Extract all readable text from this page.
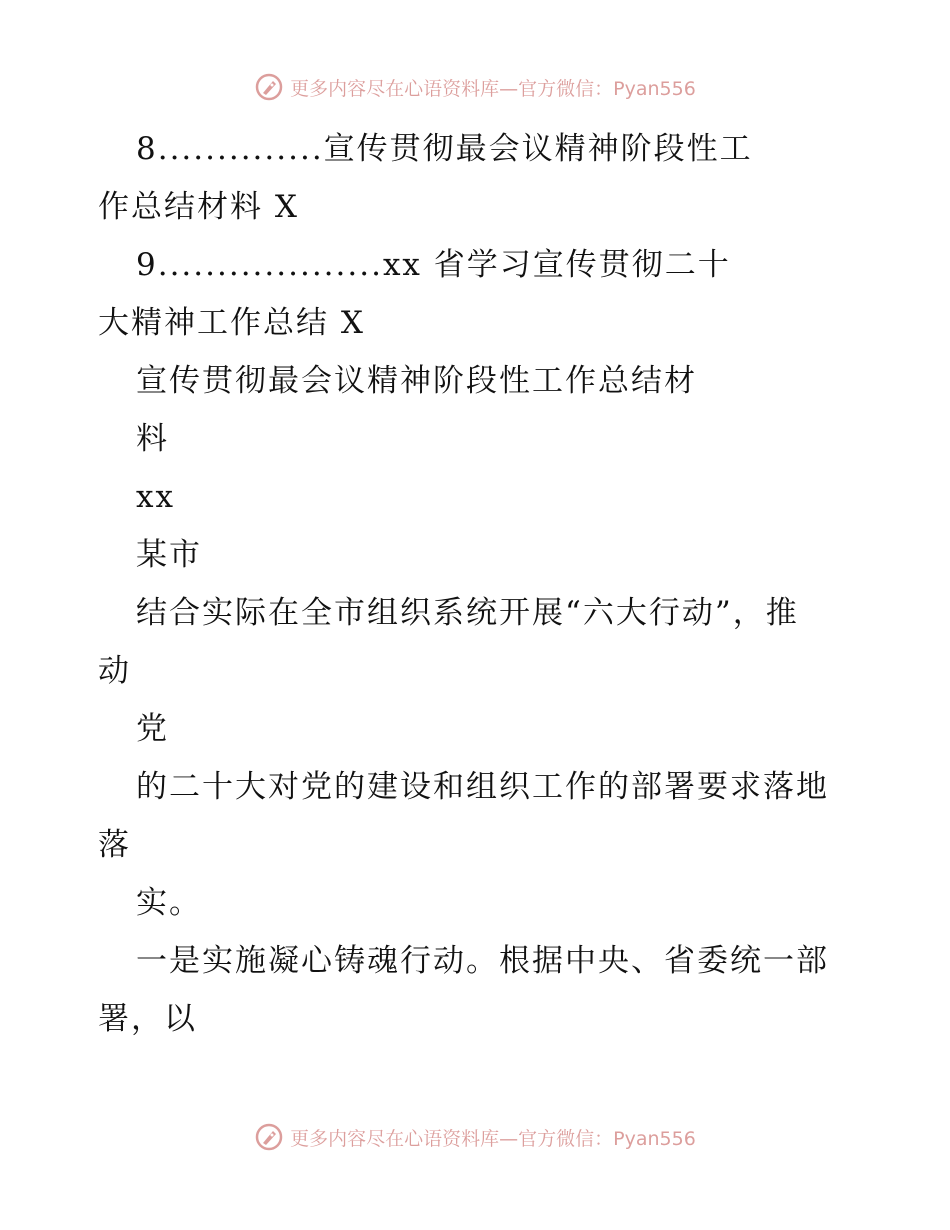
更多内容尽在心语资料库—官方微信：Pyan556
8..............宣传贯彻最会议精神阶段性工
作总结材料 X
9...................xx 省学习宣传贯彻二十
大精神工作总结 X
宣传贯彻最会议精神阶段性工作总结材
料
xx
某市
结合实际在全市组织系统开展“六大行动”，推
动
党
的二十大对党的建设和组织工作的部署要求落地
落
实。
一是实施凝心铸魂行动。根据中央、省委统一部
署，以
更多内容尽在心语资料库—官方微信：Pyan556
